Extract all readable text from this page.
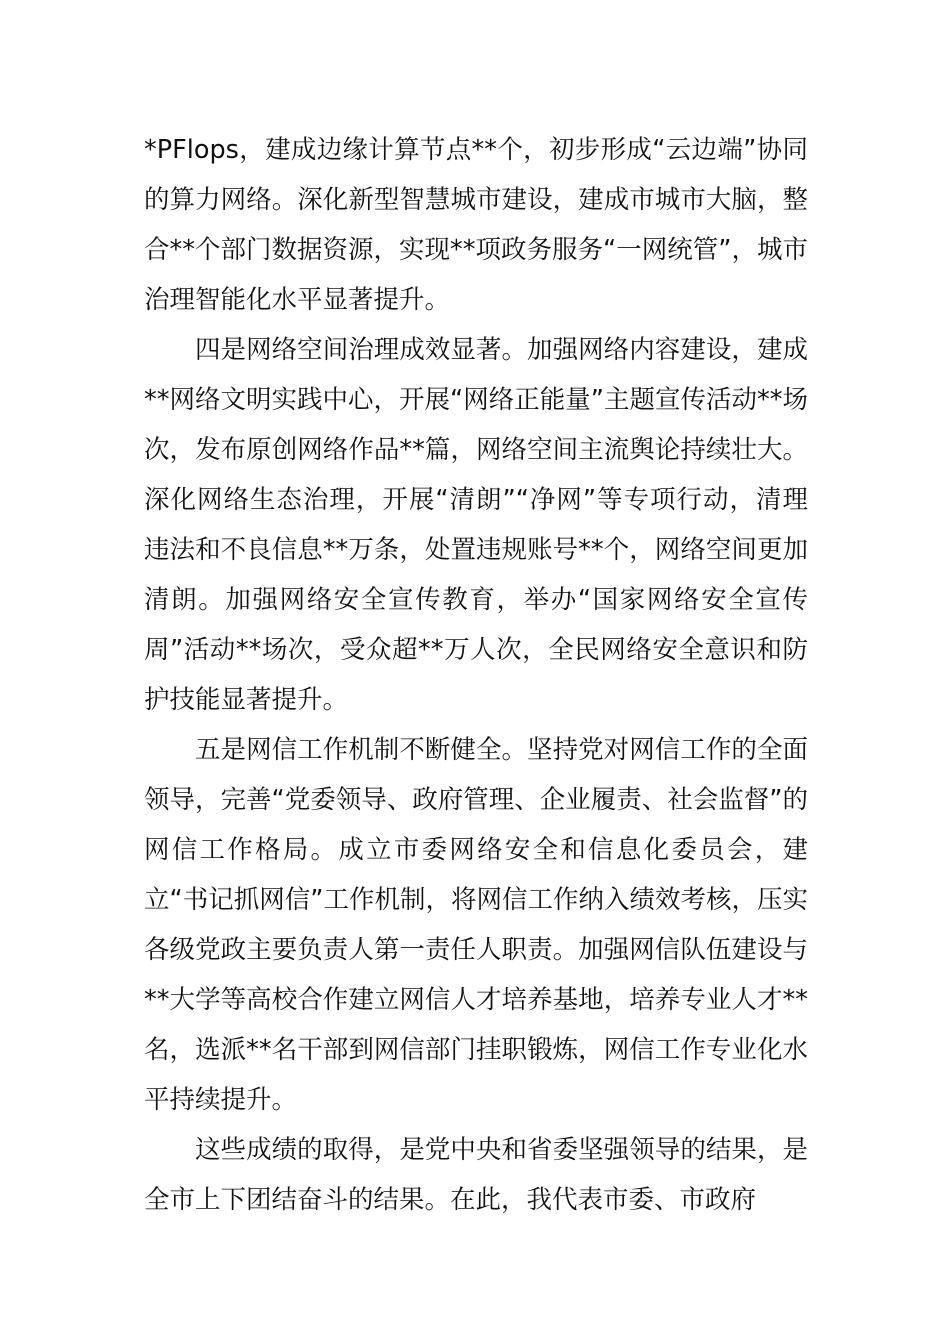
*PFlops，建成边缘计算节点**个，初步形成“云边端”协同的算力网络。深化新型智慧城市建设，建成市城市大脑，整合**个部门数据资源，实现**项政务服务“一网统管”，城市治理智能化水平显著提升。

四是网络空间治理成效显著。加强网络内容建设，建成**网络文明实践中心，开展“网络正能量”主题宣传活动**场次，发布原创网络作品**篇，网络空间主流舆论持续壮大。深化网络生态治理，开展“清朗”“净网”等专项行动，清理违法和不良信息**万条，处置违规账号**个，网络空间更加清朗。加强网络安全宣传教育，举办“国家网络安全宣传周”活动**场次，受众超**万人次，全民网络安全意识和防护技能显著提升。

五是网信工作机制不断健全。坚持党对网信工作的全面领导，完善“党委领导、政府管理、企业履责、社会监督”的网信工作格局。成立市委网络安全和信息化委员会，建立“书记抓网信”工作机制，将网信工作纳入绩效考核，压实各级党政主要负责人第一责任人职责。加强网信队伍建设与**大学等高校合作建立网信人才培养基地，培养专业人才**名，选派**名干部到网信部门挂职锻炼，网信工作专业化水平持续提升。

这些成绩的取得，是党中央和省委坚强领导的结果，是全市上下团结奋斗的结果。在此，我代表市委、市政府
